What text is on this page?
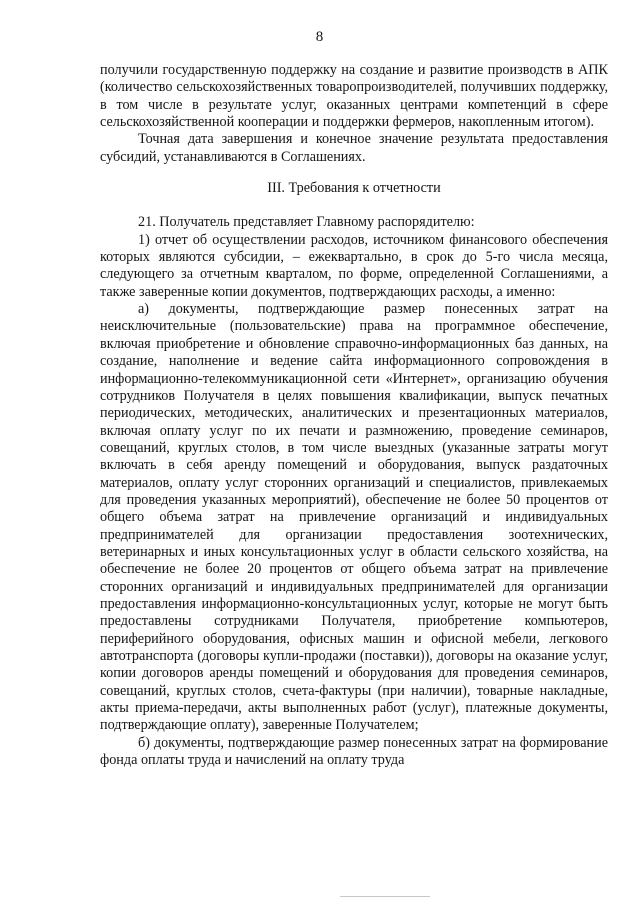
8

получили государственную поддержку на создание и развитие производств в АПК (количество сельскохозяйственных товаропроизводителей, получивших поддержку, в том числе в результате услуг, оказанных центрами компетенций в сфере сельскохозяйственной кооперации и поддержки фермеров, накопленным итогом).

Точная дата завершения и конечное значение результата предоставления субсидий, устанавливаются в Соглашениях.

III. Требования к отчетности

21. Получатель представляет Главному распорядителю:

1) отчет об осуществлении расходов, источником финансового обеспечения которых являются субсидии, – ежеквартально, в срок до 5-го числа месяца, следующего за отчетным кварталом, по форме, определенной Соглашениями, а также заверенные копии документов, подтверждающих расходы, а именно:

а) документы, подтверждающие размер понесенных затрат на неисключительные (пользовательские) права на программное обеспечение, включая приобретение и обновление справочно-информационных баз данных, на создание, наполнение и ведение сайта информационного сопровождения в информационно-телекоммуникационной сети «Интернет», организацию обучения сотрудников Получателя в целях повышения квалификации, выпуск печатных периодических, методических, аналитических и презентационных материалов, включая оплату услуг по их печати и размножению, проведение семинаров, совещаний, круглых столов, в том числе выездных (указанные затраты могут включать в себя аренду помещений и оборудования, выпуск раздаточных материалов, оплату услуг сторонних организаций и специалистов, привлекаемых для проведения указанных мероприятий), обеспечение не более 50 процентов от общего объема затрат на привлечение организаций и индивидуальных предпринимателей для организации предоставления зоотехнических, ветеринарных и иных консультационных услуг в области сельского хозяйства, на обеспечение не более 20 процентов от общего объема затрат на привлечение сторонних организаций и индивидуальных предпринимателей для организации предоставления информационно-консультационных услуг, которые не могут быть предоставлены сотрудниками Получателя, приобретение компьютеров, периферийного оборудования, офисных машин и офисной мебели, легкового автотранспорта (договоры купли-продажи (поставки)), договоры на оказание услуг, копии договоров аренды помещений и оборудования для проведения семинаров, совещаний, круглых столов, счета-фактуры (при наличии), товарные накладные, акты приема-передачи, акты выполненных работ (услуг), платежные документы, подтверждающие оплату), заверенные Получателем;

б) документы, подтверждающие размер понесенных затрат на формирование фонда оплаты труда и начислений на оплату труда
